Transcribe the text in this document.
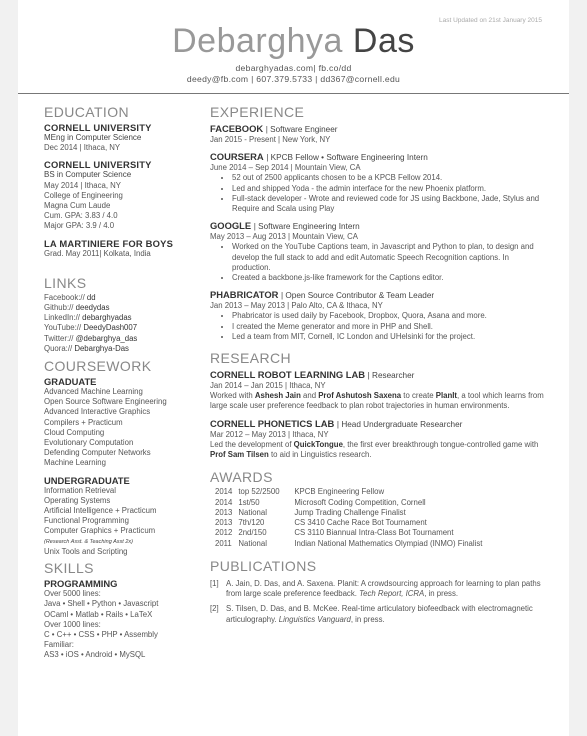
Last Updated on 21st January 2015
Debarghya Das
debarghyadas.com| fb.co/dd
deedy@fb.com | 607.379.5733 | dd367@cornell.edu
EDUCATION
CORNELL UNIVERSITY
MEng in Computer Science
Dec 2014 | Ithaca, NY
CORNELL UNIVERSITY
BS in Computer Science
May 2014 | Ithaca, NY
College of Engineering
Magna Cum Laude
Cum. GPA: 3.83 / 4.0
Major GPA: 3.9 / 4.0
LA MARTINIERE FOR BOYS
Grad. May 2011| Kolkata, India
LINKS
Facebook:// dd
Github:// deedydas
LinkedIn:// debarghyadas
YouTube:// DeedyDash007
Twitter:// @debarghya_das
Quora:// Debarghya-Das
COURSEWORK
GRADUATE
Advanced Machine Learning
Open Source Software Engineering
Advanced Interactive Graphics
Compilers + Practicum
Cloud Computing
Evolutionary Computation
Defending Computer Networks
Machine Learning
UNDERGRADUATE
Information Retrieval
Operating Systems
Artificial Intelligence + Practicum
Functional Programming
Computer Graphics + Practicum
(Research Asst. & Teaching Asst 2x)
Unix Tools and Scripting
SKILLS
PROGRAMMING
Over 5000 lines:
Java • Shell • Python • Javascript
OCaml • Matlab • Rails • LaTeX
Over 1000 lines:
C • C++ • CSS • PHP • Assembly
Familiar:
AS3 • iOS • Android • MySQL
EXPERIENCE
FACEBOOK | Software Engineer
Jan 2015 - Present | New York, NY
COURSERA | KPCB Fellow • Software Engineering Intern
June 2014 – Sep 2014 | Mountain View, CA
• 52 out of 2500 applicants chosen to be a KPCB Fellow 2014.
• Led and shipped Yoda - the admin interface for the new Phoenix platform.
• Full-stack developer - Wrote and reviewed code for JS using Backbone, Jade, Stylus and Require and Scala using Play
GOOGLE | Software Engineering Intern
May 2013 – Aug 2013 | Mountain View, CA
• Worked on the YouTube Captions team, in Javascript and Python to plan, to design and develop the full stack to add and edit Automatic Speech Recognition captions. In production.
• Created a backbone.js-like framework for the Captions editor.
PHABRICATOR | Open Source Contributor & Team Leader
Jan 2013 – May 2013 | Palo Alto, CA & Ithaca, NY
• Phabricator is used daily by Facebook, Dropbox, Quora, Asana and more.
• I created the Meme generator and more in PHP and Shell.
• Led a team from MIT, Cornell, IC London and UHelsinki for the project.
RESEARCH
CORNELL ROBOT LEARNING LAB | Researcher
Jan 2014 – Jan 2015 | Ithaca, NY
Worked with Ashesh Jain and Prof Ashutosh Saxena to create PlanIt, a tool which learns from large scale user preference feedback to plan robot trajectories in human environments.
CORNELL PHONETICS LAB | Head Undergraduate Researcher
Mar 2012 – May 2013 | Ithaca, NY
Led the development of QuickTongue, the first ever breakthrough tongue-controlled game with Prof Sam Tilsen to aid in Linguistics research.
AWARDS
2014	top 52/2500	KPCB Engineering Fellow
2014	1st/50	Microsoft Coding Competition, Cornell
2013	National	Jump Trading Challenge Finalist
2013	7th/120	CS 3410 Cache Race Bot Tournament
2012	2nd/150	CS 3110 Biannual Intra-Class Bot Tournament
2011	National	Indian National Mathematics Olympiad (INMO) Finalist
PUBLICATIONS
[1] A. Jain, D. Das, and A. Saxena. Planit: A crowdsourcing approach for learning to plan paths from large scale preference feedback. Tech Report, ICRA, in press.
[2] S. Tilsen, D. Das, and B. McKee. Real-time articulatory biofeedback with electromagnetic articulography. Linguistics Vanguard, in press.
